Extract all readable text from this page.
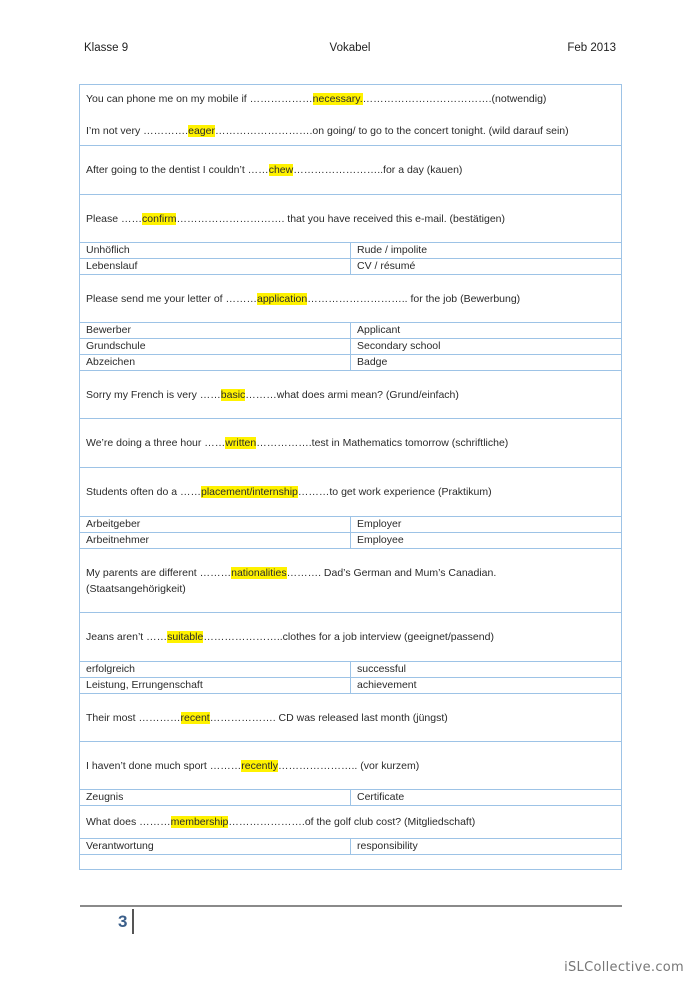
Klasse 9	Vokabel	Feb 2013
You can phone me on my mobile if ………………necessary.……………………………….(notwendig)
I’m not very ………….eager……………………….on going/ to go to the concert tonight. (wild darauf sein)	

After going to the dentist I couldn’t ……chew……………………..for a day (kauen)	
Please ……confirm…………………………. that you have received this e-mail. (bestätigen)	
Unhöflich	Rude / impolite
Lebenslauf	CV / résumé
Please send me your letter of ………application……………………….. for the job (Bewerbung)	
Bewerber	Applicant
Grundschule	Secondary school
Abzeichen	Badge
Sorry my French is very ……basic………what does armi mean? (Grund/einfach)	
We’re doing a three hour ……written…………….test in Mathematics tomorrow (schriftliche)	
Students often do a ……placement/internship………to get work experience (Praktikum)	
Arbeitgeber	Employer
Arbeitnehmer	Employee

My parents are different ………nationalities………. Dad’s German and Mum’s Canadian.
(Staatsangehörigkeit)	

Jeans aren’t ……suitable…………………..clothes for a job interview (geeignet/passend)	
erfolgreich	successful
Leistung, Errungenschaft	achievement
Their most …………recent………………. CD was released last month (jüngst)	
I haven’t done much sport ………recently………………….. (vor kurzem)	
Zeugnis	Certificate
What does ………membership………………….of the golf club cost? (Mitgliedschaft)	
Verantwortung	responsibility

3
iSLCollective.com
